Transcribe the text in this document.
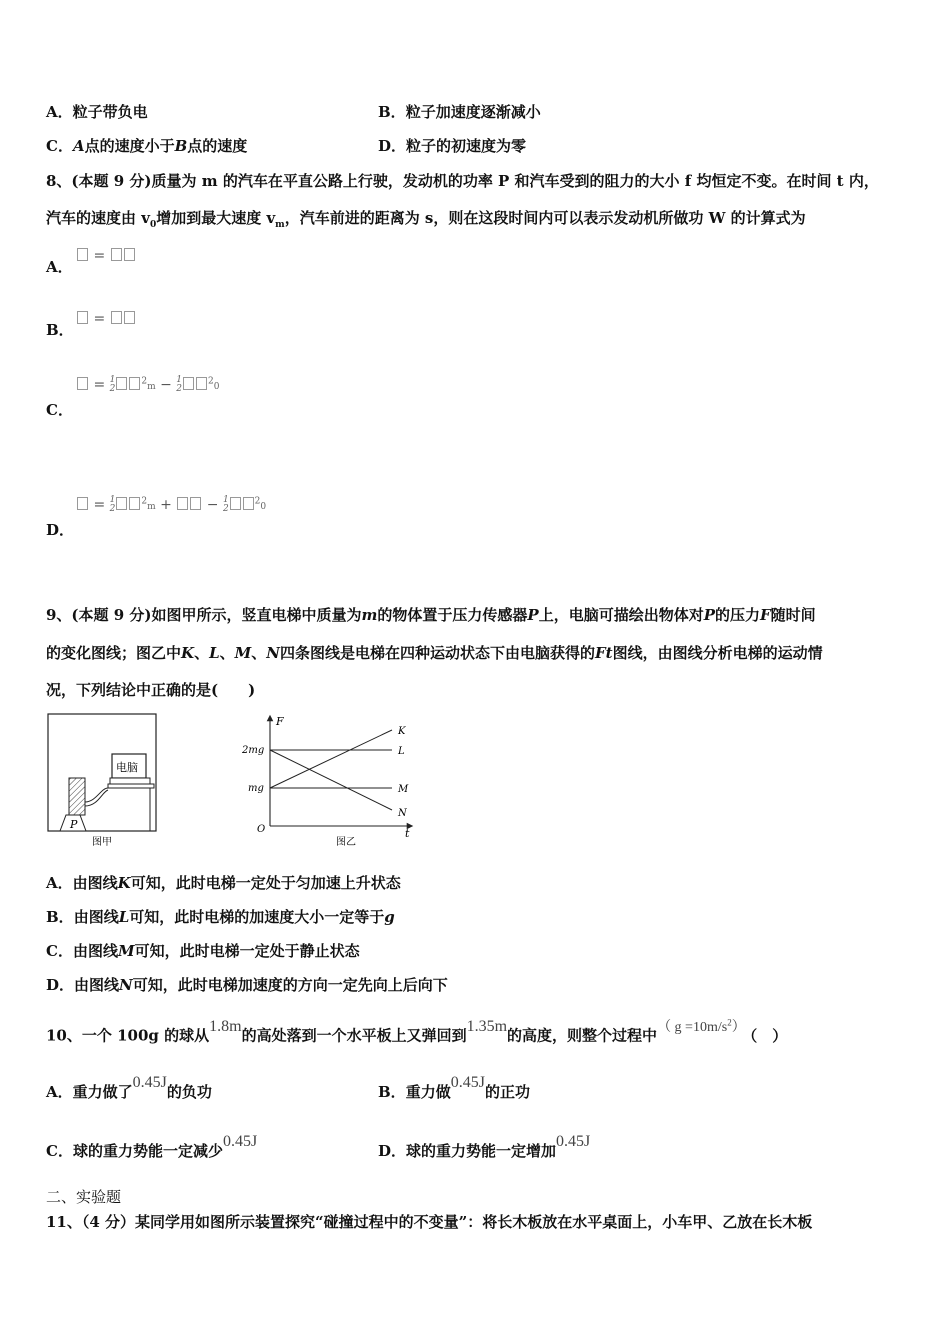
A．粒子带负电	B．粒子加速度逐渐减小
C．A点的速度小于B点的速度	D．粒子的初速度为零
8、(本题 9 分)质量为 m 的汽车在平直公路上行驶，发动机的功率 P 和汽车受到的阻力的大小 f 均恒定不变。在时间 t 内，
汽车的速度由 $v_0$增加到最大速度 $v_m$，汽车前进的距离为 s，则在这段时间内可以表示发动机所做功 W 的计算式为
A．
=
B．
=
C．
= 1
2
$^2$m − 1
2
$^2$0
D．
= 1
2
$^2$m + − 1
2
$^2$0
9、(本题 9 分)如图甲所示，竖直电梯中质量为m的物体置于压力传感器P上，电脑可描绘出物体对P的压力F随时间
的变化图线；图乙中K、L、M、N四条图线是电梯在四种运动状态下由电脑获得的Ft图线，由图线分析电梯的运动情
况，下列结论中正确的是(　　)
P
电脑
图甲
F
t
O
2mg
mg
K
L
M
N
图乙
A．由图线K可知，此时电梯一定处于匀加速上升状态
B．由图线L可知，此时电梯的加速度大小一定等于g
C．由图线M可知，此时电梯一定处于静止状态
D．由图线N可知，此时电梯加速度的方向一定先向上后向下
10、一个 100g 的球从1.8m的高处落到一个水平板上又弹回到1.35m的高度，则整个过程中（ $g =10m/s^2$） （　）
A．重力做了0.45J的负功	B．重力做0.45J的正功
C．球的重力势能一定减少0.45J
D．球的重力势能一定增加0.45J
二、实验题
11、（4 分）某同学用如图所示装置探究“碰撞过程中的不变量”：将长木板放在水平桌面上，小车甲、乙放在长木板
